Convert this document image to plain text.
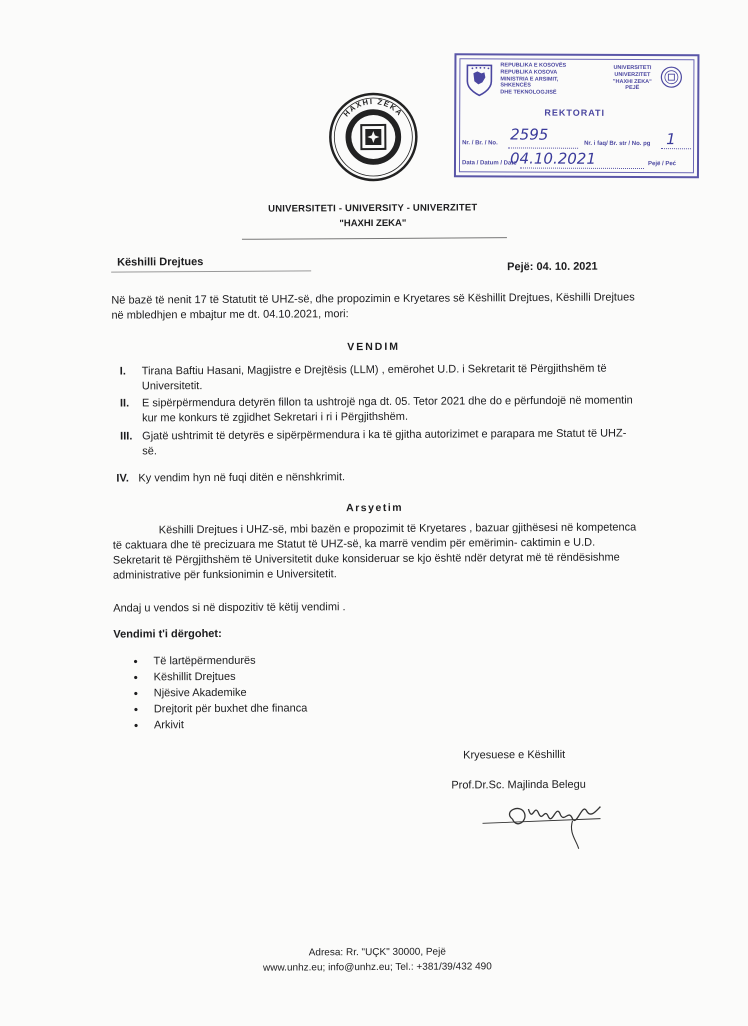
REPUBLIKA E KOSOVËS
REPUBLIKA KOSOVA
MINISTRIA E ARSIMIT,
SHKENCËS
DHE TEKNOLOGJISË
UNIVERSITETI
UNIVERZITET
"HAXHI ZEKA"
PEJË
REKTORATI
Nr. / Br. / No. 2595
Nr. i faq/ Br. str / No. pg 1
Data / Datum / Date
04.10.2021	Pejë / Peć
HAXHI ZEKA
PEJË
UNIVERSITETI - UNIVERSITY - UNIVERZITET
"HAXHI ZEKA"
Këshilli Drejtues	Pejë: 04. 10. 2021
Në bazë të nenit 17 të Statutit të UHZ-së, dhe propozimin e Kryetares së Këshillit Drejtues, Këshilli Drejtues në mbledhjen e mbajtur me dt. 04.10.2021, mori:
VENDIM
I.	Tirana Baftiu Hasani, Magjistre e Drejtësis (LLM) , emërohet U.D. i Sekretarit të Përgjithshëm të Universitetit.
II.	E sipërpërmendura detyrën fillon ta ushtrojë nga dt. 05. Tetor 2021 dhe do e përfundojë në momentin kur me konkurs të zgjidhet Sekretari i ri i Përgjithshëm.
III. Gjatë ushtrimit të detyrës e sipërpërmendura i ka të gjitha autorizimet e parapara me Statut të UHZ-së.
IV. Ky vendim hyn në fuqi ditën e nënshkrimit.
Arsyetim
Këshilli Drejtues i UHZ-së, mbi bazën e propozimit të Kryetares , bazuar gjithësesi në kompetenca të caktuara dhe të precizuara me Statut të UHZ-së, ka marrë vendim për emërimin- caktimin e U.D. Sekretarit të Përgjithshëm të Universitetit duke konsideruar se kjo është ndër detyrat më të rëndësishme administrative për funksionimin e Universitetit.
Andaj u vendos si në dispozitiv të këtij vendimi .
Vendimi t'i dërgohet:
• Të lartëpërmendurës
• Këshillit Drejtues
• Njësive Akademike
• Drejtorit për buxhet dhe financa
• Arkivit
Kryesuese e Këshillit
Prof.Dr.Sc. Majlinda Belegu
Adresa: Rr. "UÇK" 30000, Pejë
www.unhz.eu; info@unhz.eu; Tel.: +381/39/432 490
